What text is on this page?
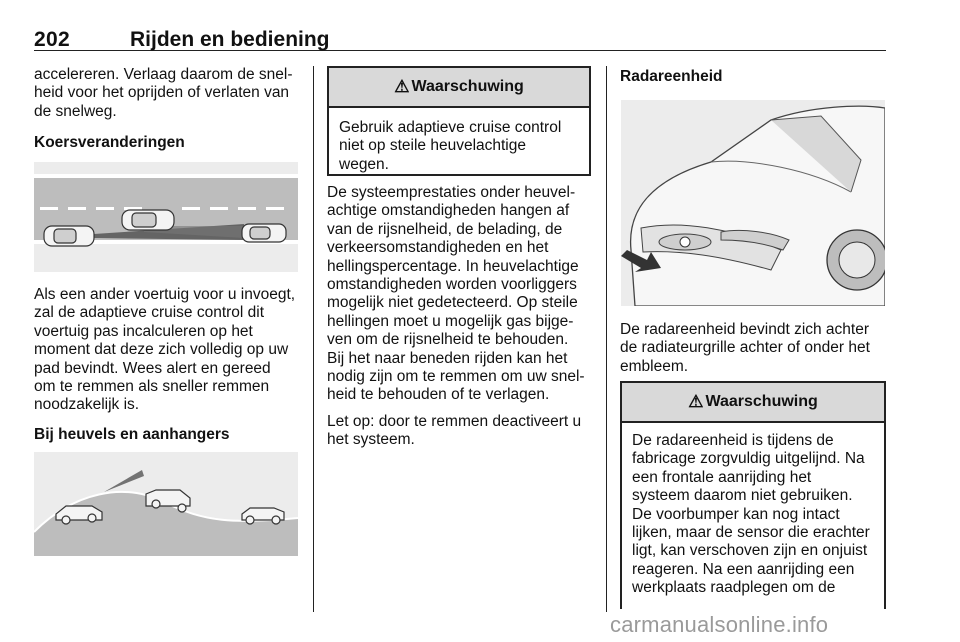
202	Rijden en bediening

accelereren. Verlaag daarom de snel-

heid voor het oprijden of verlaten van

de snelweg.

Koersveranderingen

Als een ander voertuig voor u invoegt,

zal de adaptieve cruise control dit

voertuig pas incalculeren op het

moment dat deze zich volledig op uw

pad bevindt. Wees alert en gereed

om te remmen als sneller remmen

noodzakelijk is.

Bij heuvels en aanhangers

⚠ Waarschuwing

Gebruik adaptieve cruise control

niet op steile heuvelachtige

wegen.

De systeemprestaties onder heuvel-

achtige omstandigheden hangen af

van de rijsnelheid, de belading, de

verkeersomstandigheden en het

hellingspercentage. In heuvelachtige

omstandigheden worden voorliggers

mogelijk niet gedetecteerd. Op steile

hellingen moet u mogelijk gas bijge-

ven om de rijsnelheid te behouden.

Bij het naar beneden rijden kan het

nodig zijn om te remmen om uw snel-

heid te behouden of te verlagen.

Let op: door te remmen deactiveert u

het systeem.

Radareenheid

De radareenheid bevindt zich achter

de radiateurgrille achter of onder het

embleem.

⚠ Waarschuwing

De radareenheid is tijdens de

fabricage zorgvuldig uitgelijnd. Na

een frontale aanrijding het

systeem daarom niet gebruiken.

De voorbumper kan nog intact

lijken, maar de sensor die erachter

ligt, kan verschoven zijn en onjuist

reageren. Na een aanrijding een

werkplaats raadplegen om de

carmanualsonline.info
